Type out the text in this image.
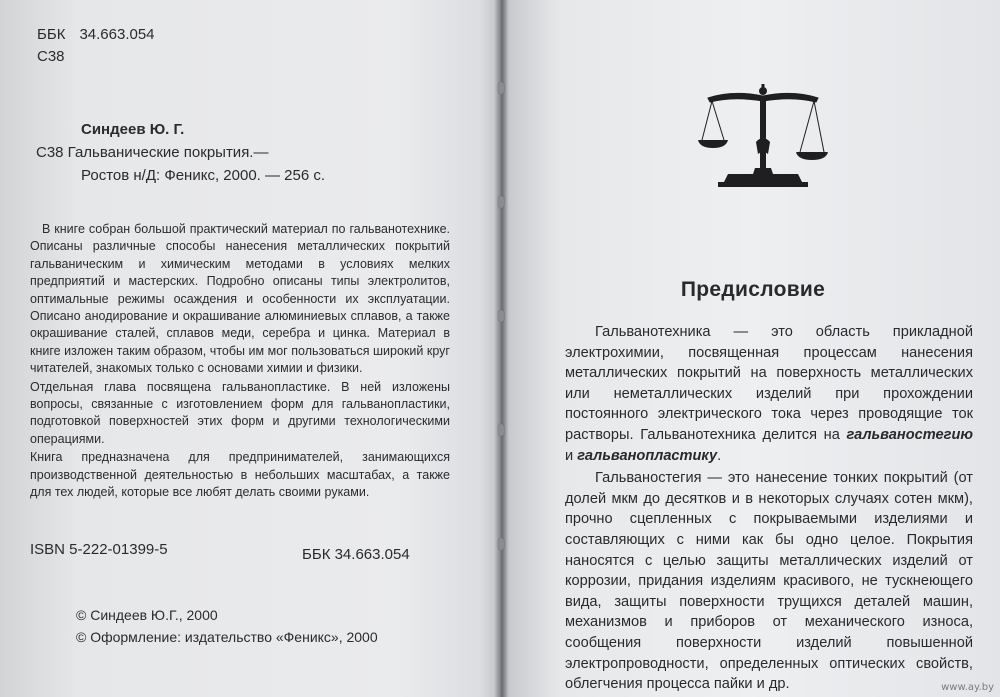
ББК 34.663.054
С38
Синдеев Ю. Г.
С38 Гальванические покрытия.—
Ростов н/Д: Феникс, 2000. — 256 с.

В книге собран большой практический материал по гальванотехнике. Описаны различные способы нанесения металлических покрытий гальваническим и химическим методами в условиях мелких предприятий и мастерских. Подробно описаны типы электролитов, оптимальные режимы осаждения и особенности их эксплуатации. Описано анодирование и окрашивание алюминиевых сплавов, а также окрашивание сталей, сплавов меди, серебра и цинка. Материал в книге изложен таким образом, чтобы им мог пользоваться широкий круг читателей, знакомых только с основами химии и физики.

Отдельная глава посвящена гальванопластике. В ней изложены вопросы, связанные с изготовлением форм для гальванопластики, подготовкой поверхностей этих форм и другими технологическими операциями.

Книга предназначена для предпринимателей, занимающихся производственной деятельностью в небольших масштабах, а также для тех людей, которые все любят делать своими руками.

ISBN 5-222-01399-5	ББК 34.663.054
© Синдеев Ю.Г., 2000
© Оформление: издательство «Феникс», 2000
Предисловие

Гальванотехника — это область прикладной электрохимии, посвященная процессам нанесения металлических покрытий на поверхность металлических или неметаллических изделий при прохождении постоянного электрического тока через проводящие ток растворы. Гальванотехника делится на гальваностегию и гальванопластику.

Гальваностегия — это нанесение тонких покрытий (от долей мкм до десятков и в некоторых случаях сотен мкм), прочно сцепленных с покрываемыми изделиями и составляющих с ними как бы одно целое. Покрытия наносятся с целью защиты металлических изделий от коррозии, придания изделиям красивого, не тускнеющего вида, защиты поверхности трущихся деталей машин, механизмов и приборов от механического износа, сообщения поверхности изделий повышенной электропроводности, определенных оптических свойств, облегчения процесса пайки и др.	www.ay.by
